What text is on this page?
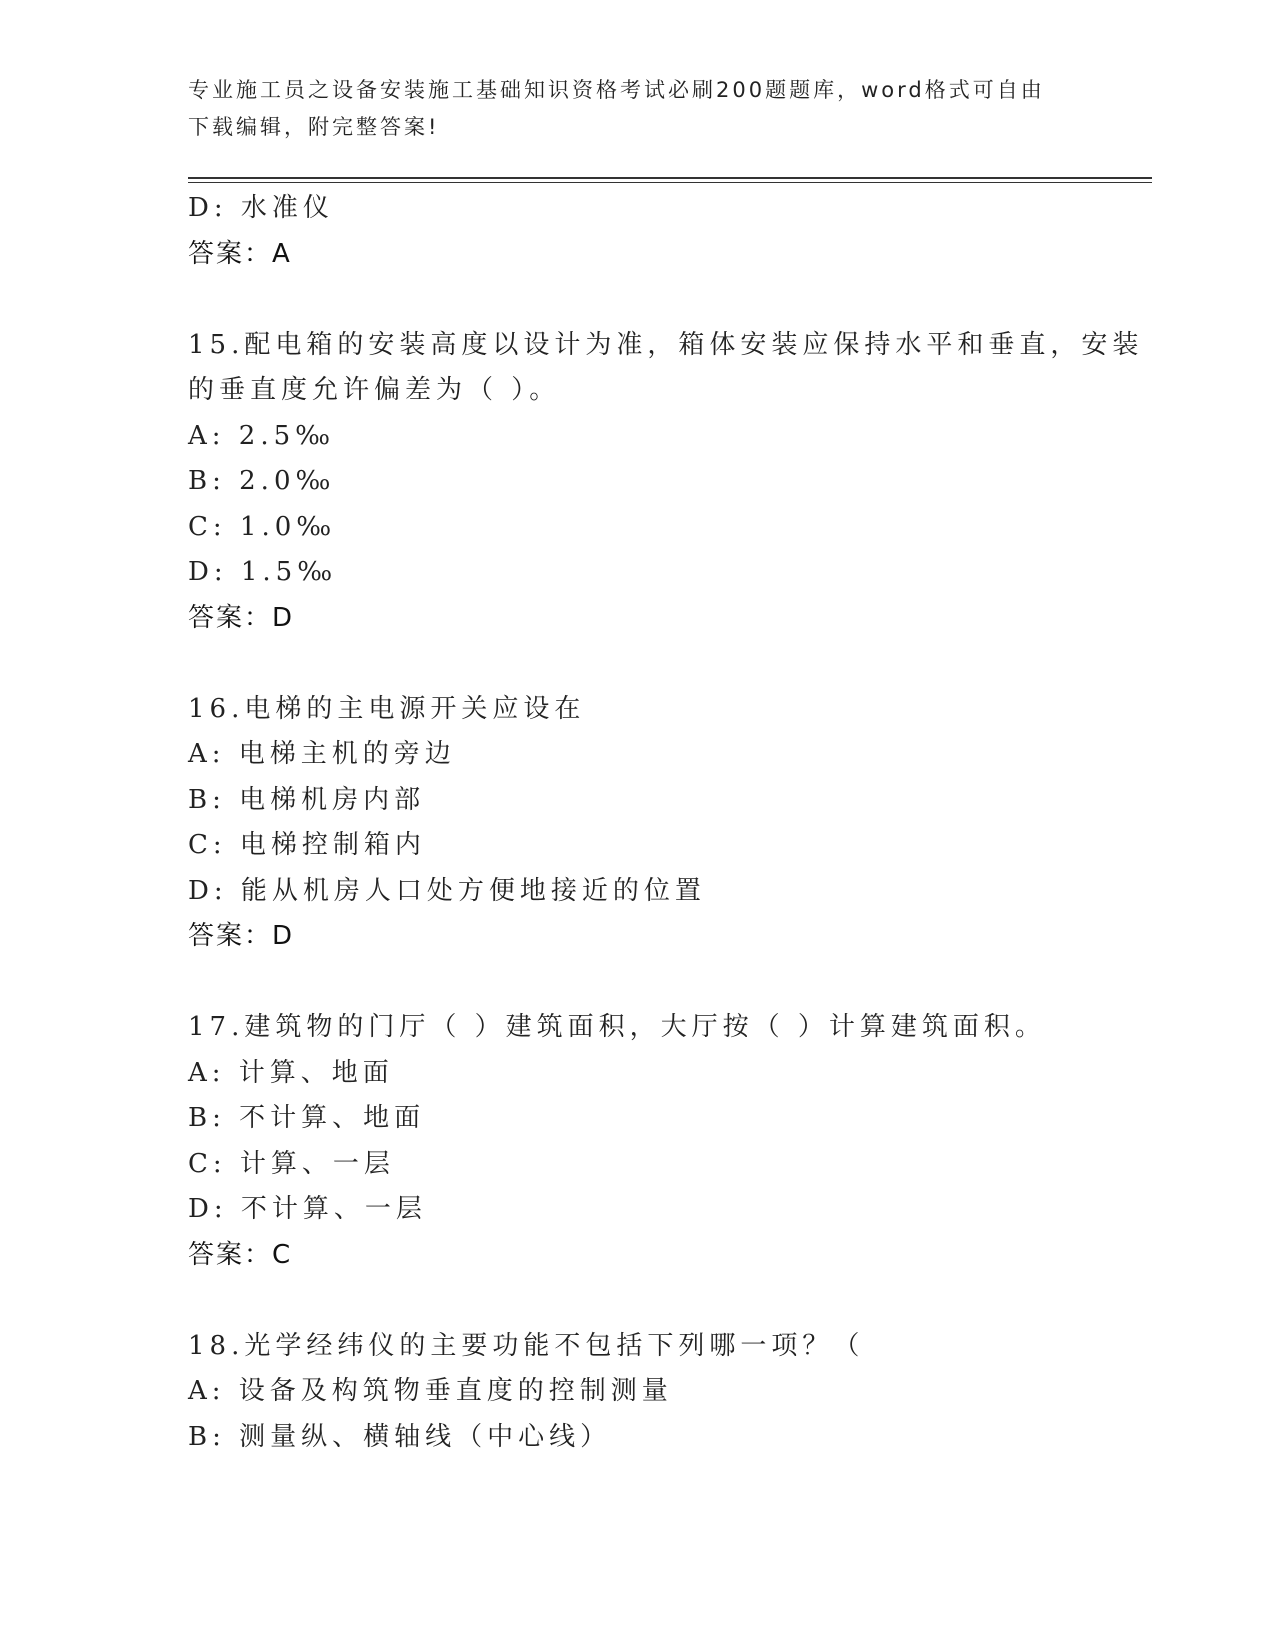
专业施工员之设备安装施工基础知识资格考试必刷200题题库，word格式可自由
下载编辑，附完整答案!
D: 水准仪
答案：A
15.配电箱的安装高度以设计为准，箱体安装应保持水平和垂直，安装
的垂直度允许偏差为（ ）。
A: 2.5‰
B: 2.0‰
C: 1.0‰
D: 1.5‰
答案：D
16.电梯的主电源开关应设在
A: 电梯主机的旁边
B: 电梯机房内部
C: 电梯控制箱内
D: 能从机房人口处方便地接近的位置
答案：D
17.建筑物的门厅（ ）建筑面积，大厅按（ ）计算建筑面积。
A: 计算、地面
B: 不计算、地面
C: 计算、一层
D: 不计算、一层
答案：C
18.光学经纬仪的主要功能不包括下列哪一项？（
A: 设备及构筑物垂直度的控制测量
B: 测量纵、横轴线（中心线）
